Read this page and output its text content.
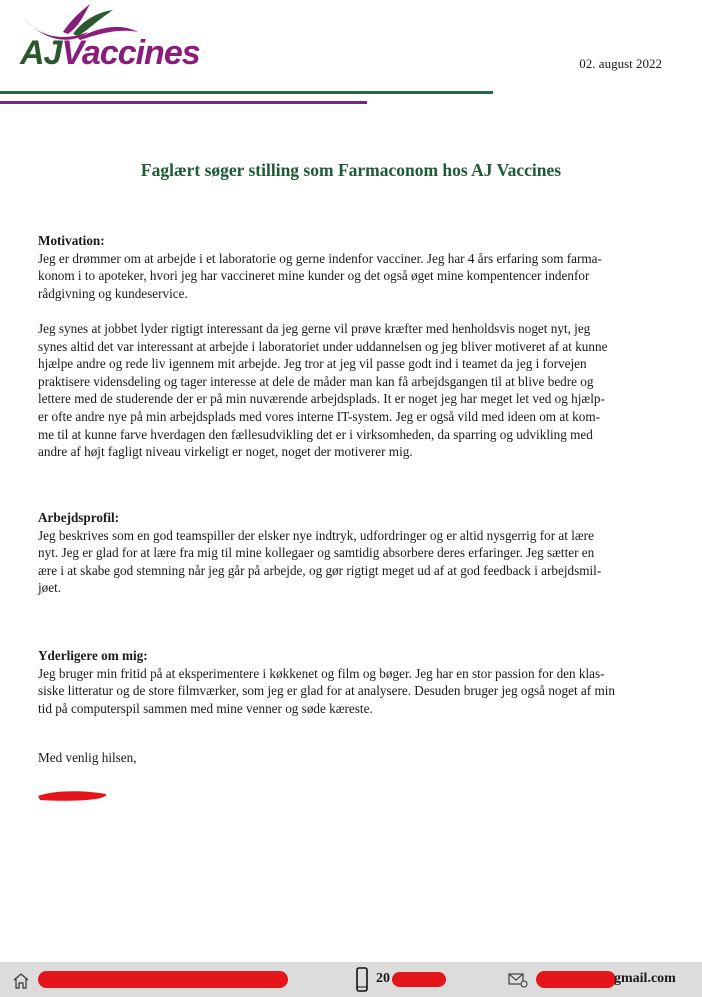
AJVaccines	02. august 2022
Faglært søger stilling som Farmaconom hos AJ Vaccines
Motivation:
Jeg er drømmer om at arbejde i et laboratorie og gerne indenfor vacciner. Jeg har 4 års erfaring som farma-
konom i to apoteker, hvori jeg har vaccineret mine kunder og det også øget mine kompentencer indenfor
rådgivning og kundeservice.
Jeg synes at jobbet lyder rigtigt interessant da jeg gerne vil prøve kræfter med henholdsvis noget nyt, jeg
synes altid det var interessant at arbejde i laboratoriet under uddannelsen og jeg bliver motiveret af at kunne
hjælpe andre og rede liv igennem mit arbejde. Jeg tror at jeg vil passe godt ind i teamet da jeg i forvejen
praktisere vidensdeling og tager interesse at dele de måder man kan få arbejdsgangen til at blive bedre og
lettere med de studerende der er på min nuværende arbejdsplads. It er noget jeg har meget let ved og hjælp-
er ofte andre nye på min arbejdsplads med vores interne IT-system. Jeg er også vild med ideen om at kom-
me til at kunne farve hverdagen den fællesudvikling det er i virksomheden, da sparring og udvikling med
andre af højt fagligt niveau virkeligt er noget, noget der motiverer mig.
Arbejdsprofil:
Jeg beskrives som en god teamspiller der elsker nye indtryk, udfordringer og er altid nysgerrig for at lære
nyt. Jeg er glad for at lære fra mig til mine kollegaer og samtidig absorbere deres erfaringer. Jeg sætter en
ære i at skabe god stemning når jeg går på arbejde, og gør rigtigt meget ud af at god feedback i arbejdsmil-
jøet.
Yderligere om mig:
Jeg bruger min fritid på at eksperimentere i køkkenet og film og bøger. Jeg har en stor passion for den klas-
siske litteratur og de store filmværker, som jeg er glad for at analysere. Desuden bruger jeg også noget af min
tid på computerspil sammen med mine venner og søde kæreste.
Med venlig hilsen,
20	gmail.com
